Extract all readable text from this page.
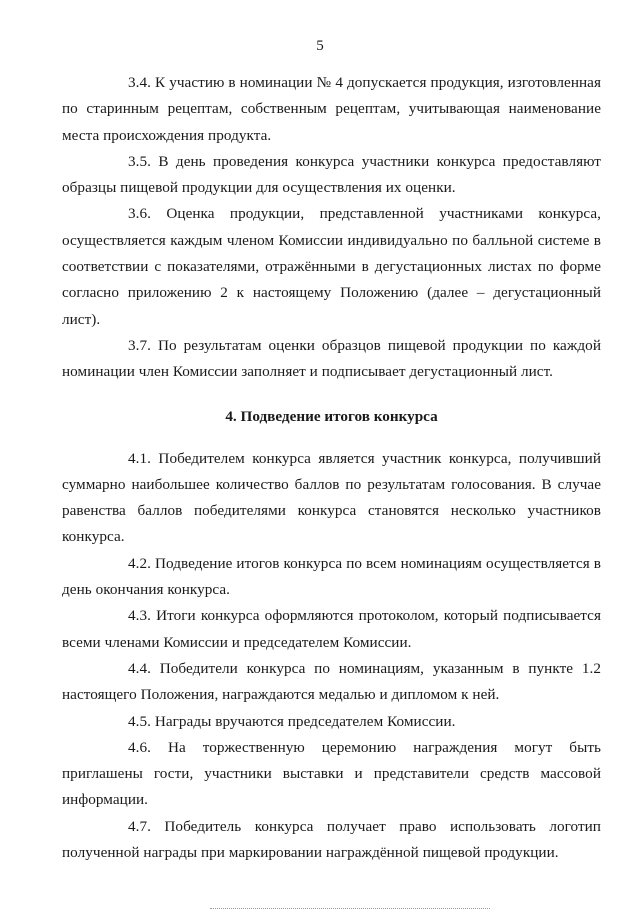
5

3.4. К участию в номинации № 4 допускается продукция, изготовленная по старинным рецептам, собственным рецептам, учитывающая наименование места происхождения продукта.

3.5. В день проведения конкурса участники конкурса предоставляют образцы пищевой продукции для осуществления их оценки.

3.6. Оценка продукции, представленной участниками конкурса, осуществляется каждым членом Комиссии индивидуально по балльной системе в соответствии с показателями, отражёнными в дегустационных листах по форме согласно приложению 2 к настоящему Положению (далее – дегустационный лист).

3.7. По результатам оценки образцов пищевой продукции по каждой номинации член Комиссии заполняет и подписывает дегустационный лист.

4. Подведение итогов конкурса

4.1. Победителем конкурса является участник конкурса, получивший суммарно наибольшее количество баллов по результатам голосования. В случае равенства баллов победителями конкурса становятся несколько участников конкурса.

4.2. Подведение итогов конкурса по всем номинациям осуществляется в день окончания конкурса.

4.3. Итоги конкурса оформляются протоколом, который подписывается всеми членами Комиссии и председателем Комиссии.

4.4. Победители конкурса по номинациям, указанным в пункте 1.2 настоящего Положения, награждаются медалью и дипломом к ней.

4.5. Награды вручаются председателем Комиссии.

4.6. На торжественную церемонию награждения могут быть приглашены гости, участники выставки и представители средств массовой информации.

4.7. Победитель конкурса получает право использовать логотип полученной награды при маркировании награждённой пищевой продукции.
